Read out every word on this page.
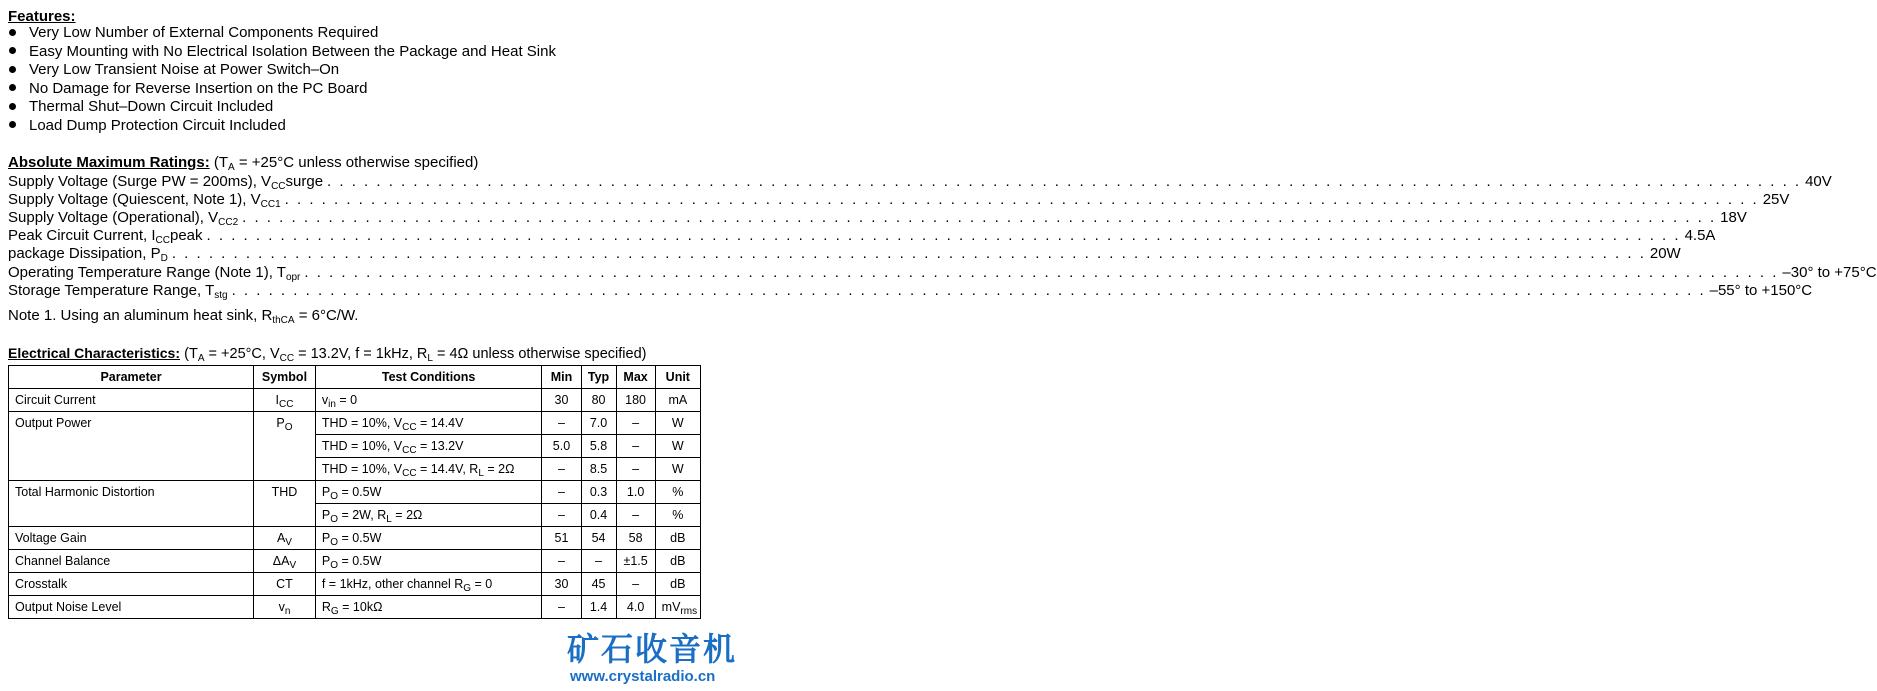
Features:
Very Low Number of External Components Required
Easy Mounting with No Electrical Isolation Between the Package and Heat Sink
Very Low Transient Noise at Power Switch–On
No Damage for Reverse Insertion on the PC Board
Thermal Shut–Down Circuit Included
Load Dump Protection Circuit Included
Absolute Maximum Ratings: ($T_A = +25^\circ C$ unless otherwise specified)
Supply Voltage (Surge PW = 200ms), $V_{CC}surge$ . . . . . . . . . . . . . . . . . . . . . . . . . . . . . . . . . . . . . . . . . . . . . . . . . . . . . . . . . . . . . . . . . . . . . . . . . . . . . . . . . . . . . . . . . . . . . . . . . . . . . . . . . . . . . . . . . . . . . . . . 40V
Supply Voltage (Quiescent, Note 1), $V_{CC1}$ . . . . . . . . . . . . . . . . . . . . . . . . . . . . . . . . . . . . . . . . . . . . . . . . . . . . . . . . . . . . . . . . . . . . . . . . . . . . . . . . . . . . . . . . . . . . . . . . . . . . . . . . . . . . . . . . . . . . . . . . 25V
Supply Voltage (Operational), $V_{CC2}$ . . . . . . . . . . . . . . . . . . . . . . . . . . . . . . . . . . . . . . . . . . . . . . . . . . . . . . . . . . . . . . . . . . . . . . . . . . . . . . . . . . . . . . . . . . . . . . . . . . . . . . . . . . . . . . . . . . . . . . . . 18V
Peak Circuit Current, $I_{CC}peak$ . . . . . . . . . . . . . . . . . . . . . . . . . . . . . . . . . . . . . . . . . . . . . . . . . . . . . . . . . . . . . . . . . . . . . . . . . . . . . . . . . . . . . . . . . . . . . . . . . . . . . . . . . . . . . . . . . . . . . . . . 4.5A
package Dissipation, $P_D$ . . . . . . . . . . . . . . . . . . . . . . . . . . . . . . . . . . . . . . . . . . . . . . . . . . . . . . . . . . . . . . . . . . . . . . . . . . . . . . . . . . . . . . . . . . . . . . . . . . . . . . . . . . . . . . . . . . . . . . . . 20W
Operating Temperature Range (Note 1), $T_{opr}$ . . . . . . . . . . . . . . . . . . . . . . . . . . . . . . . . . . . . . . . . . . . . . . . . . . . . . . . . . . . . . . . . . . . . . . . . . . . . . . . . . . . . . . . . . . . . . . . . . . . . . . . . . . . . . . . . . . . . . . . . –30° to +75°C
Storage Temperature Range, $T_{stg}$ . . . . . . . . . . . . . . . . . . . . . . . . . . . . . . . . . . . . . . . . . . . . . . . . . . . . . . . . . . . . . . . . . . . . . . . . . . . . . . . . . . . . . . . . . . . . . . . . . . . . . . . . . . . . . . . . . . . . . . . . –55° to +150°C
Note 1. Using an aluminum heat sink, $R_{thCA} = 6^\circ C/W$.
Electrical Characteristics: ($T_A = +25^\circ C$, $V_{CC} = 13.2V$, f = 1kHz, $R_L = 4\Omega$ unless otherwise specified)
Parameter	Symbol	Test Conditions	Min	Typ	Max	Unit
Circuit Current	$I_{CC}$	$v_{in} = 0$	30	80	180	mA
Output Power	$P_O$	THD = 10%, $V_{CC} = 14.4V$	–	7.0	–	W
		THD = 10%, $V_{CC} = 13.2V$	5.0	5.8	–	W
		THD = 10%, $V_{CC} = 14.4V$, $R_L = 2\Omega$	–	8.5	–	W
Total Harmonic Distortion	THD	$P_O = 0.5W$	–	0.3	1.0	%
		$P_O = 2W$, $R_L = 2\Omega$	–	0.4	–	%
Voltage Gain	$A_V$	$P_O = 0.5W$	51	54	58	dB
Channel Balance	$\Delta A_V$	$P_O = 0.5W$	–	–	±1.5	dB
Crosstalk	CT	f = 1kHz, other channel $R_G = 0$	30	45	–	dB
Output Noise Level	$v_n$	$R_G = 10k\Omega$	–	1.4	4.0	$mV_{rms}$
矿石收音机
www.crystalradio.cn
